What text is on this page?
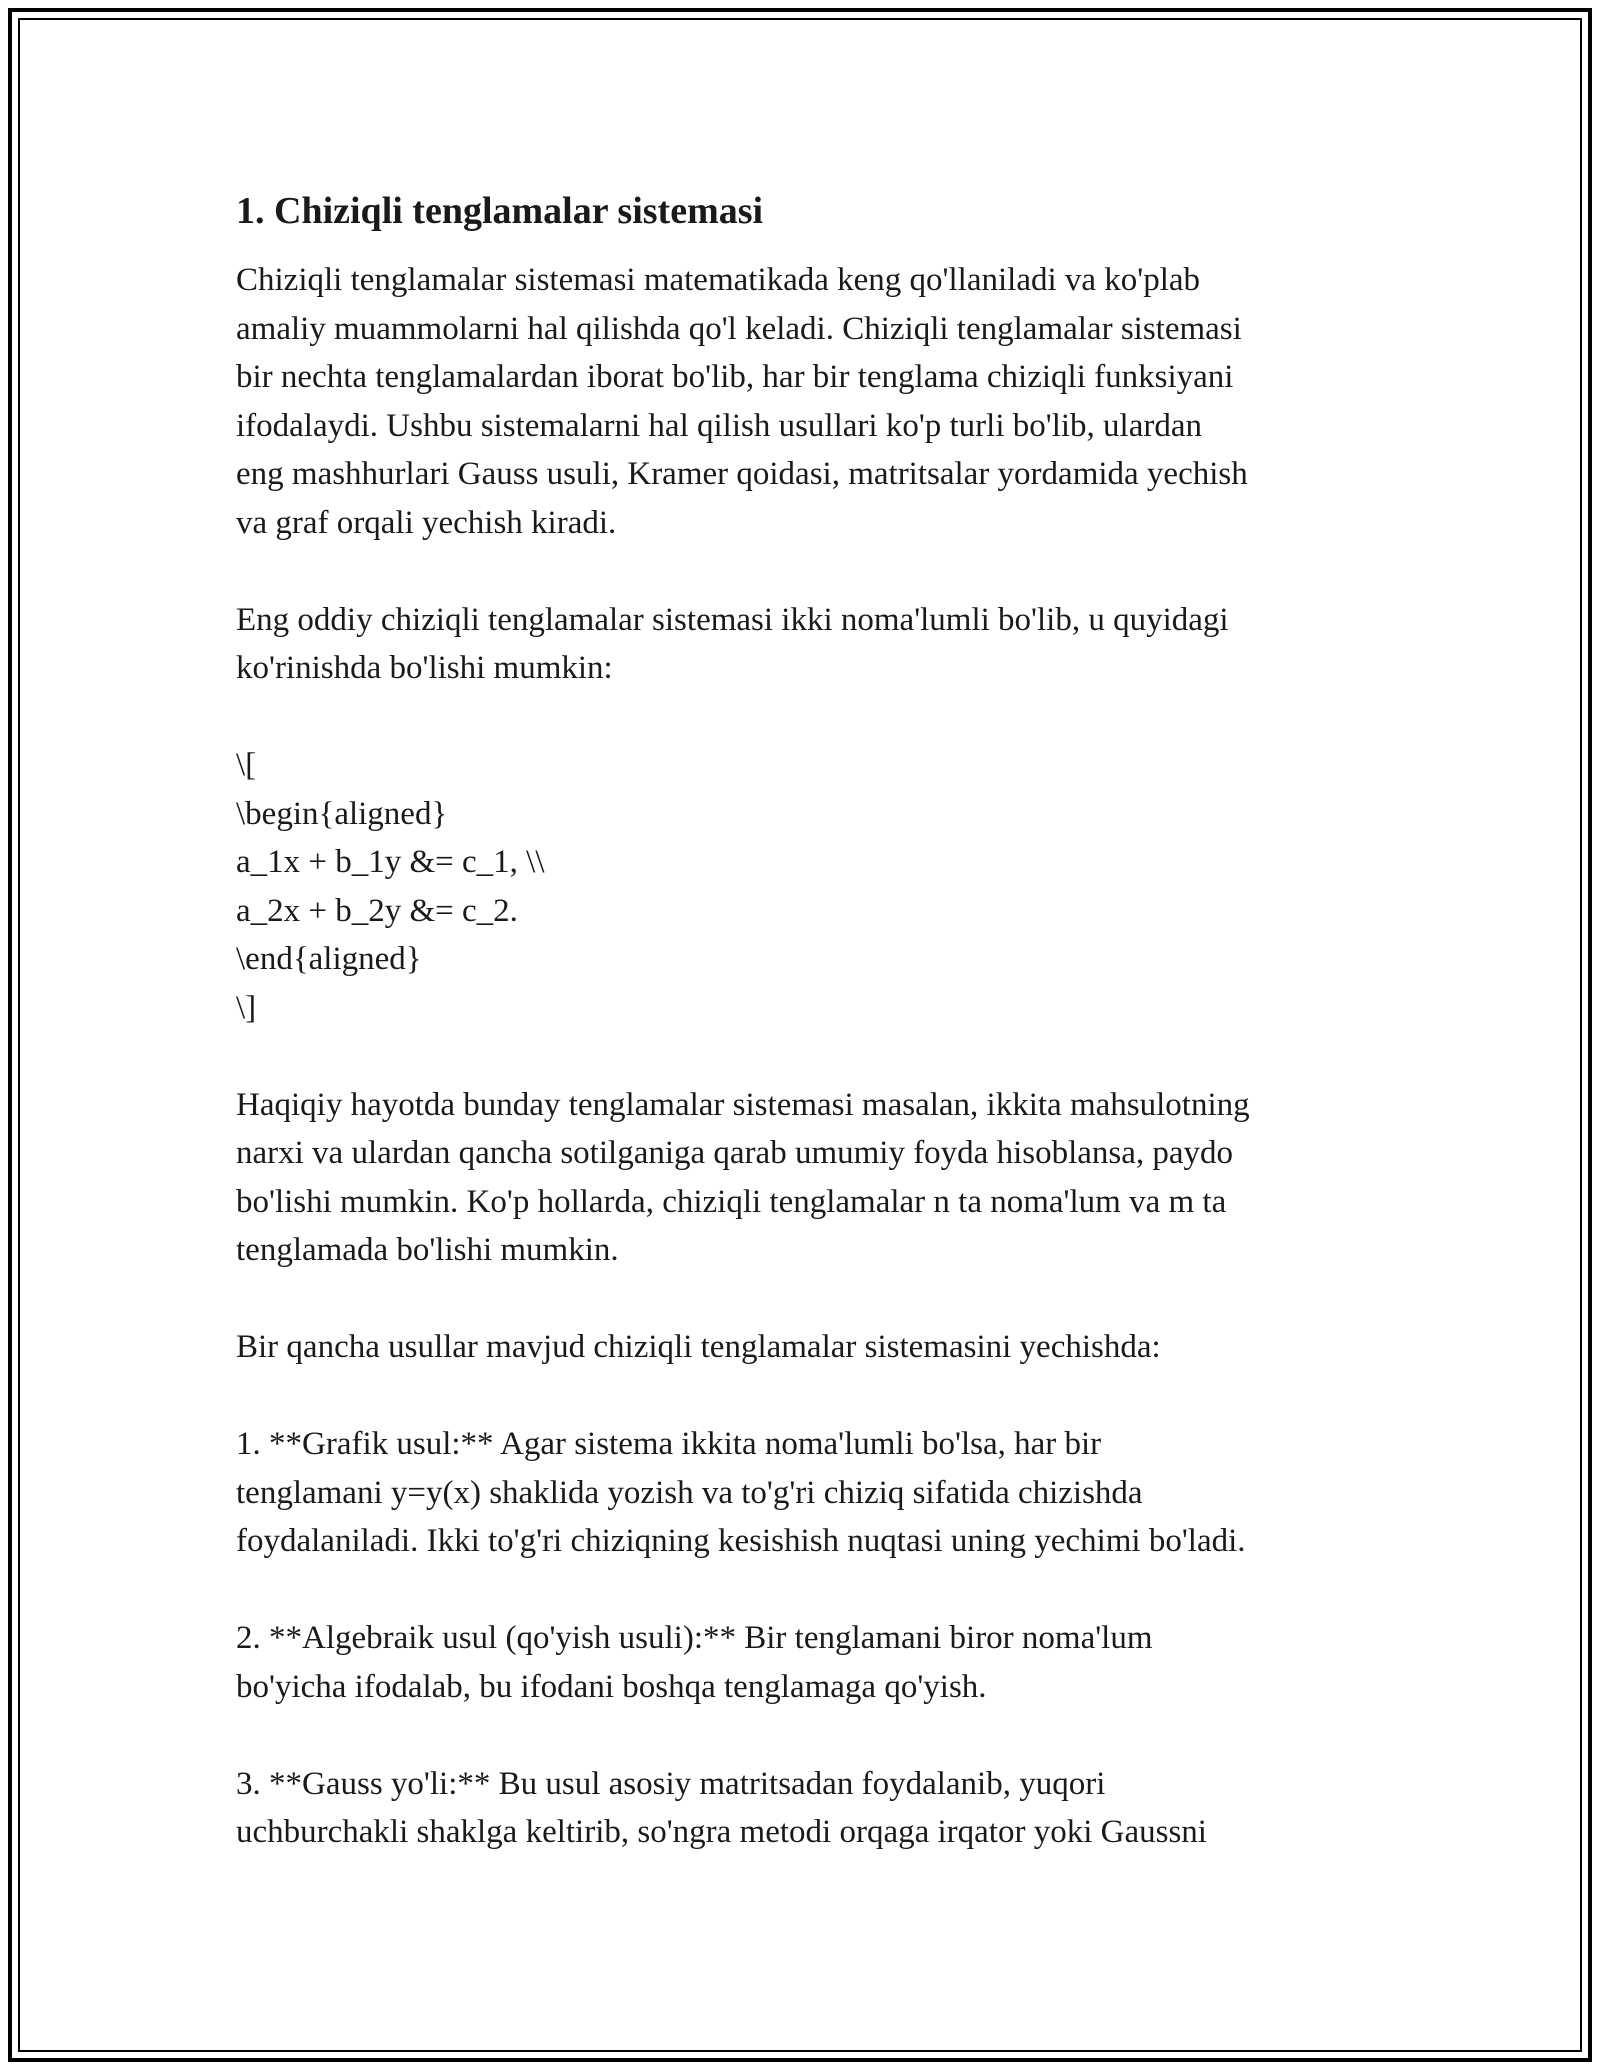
1. Chiziqli tenglamalar sistemasi

Chiziqli tenglamalar sistemasi matematikada keng qo'llaniladi va ko'plab
amaliy muammolarni hal qilishda qo'l keladi. Chiziqli tenglamalar sistemasi
bir nechta tenglamalardan iborat bo'lib, har bir tenglama chiziqli funksiyani
ifodalaydi. Ushbu sistemalarni hal qilish usullari ko'p turli bo'lib, ulardan
eng mashhurlari Gauss usuli, Kramer qoidasi, matritsalar yordamida yechish
va graf orqali yechish kiradi.

Eng oddiy chiziqli tenglamalar sistemasi ikki noma'lumli bo'lib, u quyidagi
ko'rinishda bo'lishi mumkin:

\[

\begin{aligned}

a_1x + b_1y &= c_1, \\

a_2x + b_2y &= c_2.

\end{aligned}

\]

Haqiqiy hayotda bunday tenglamalar sistemasi masalan, ikkita mahsulotning
narxi va ulardan qancha sotilganiga qarab umumiy foyda hisoblansa, paydo
bo'lishi mumkin. Ko'p hollarda, chiziqli tenglamalar n ta noma'lum va m ta
tenglamada bo'lishi mumkin.

Bir qancha usullar mavjud chiziqli tenglamalar sistemasini yechishda:

1. **Grafik usul:** Agar sistema ikkita noma'lumli bo'lsa, har bir
tenglamani y=y(x) shaklida yozish va to'g'ri chiziq sifatida chizishda
foydalaniladi. Ikki to'g'ri chiziqning kesishish nuqtasi uning yechimi bo'ladi.

2. **Algebraik usul (qo'yish usuli):** Bir tenglamani biror noma'lum
bo'yicha ifodalab, bu ifodani boshqa tenglamaga qo'yish.

3. **Gauss yo'li:** Bu usul asosiy matritsadan foydalanib, yuqori
uchburchakli shaklga keltirib, so'ngra metodi orqaga irqator yoki Gaussni
